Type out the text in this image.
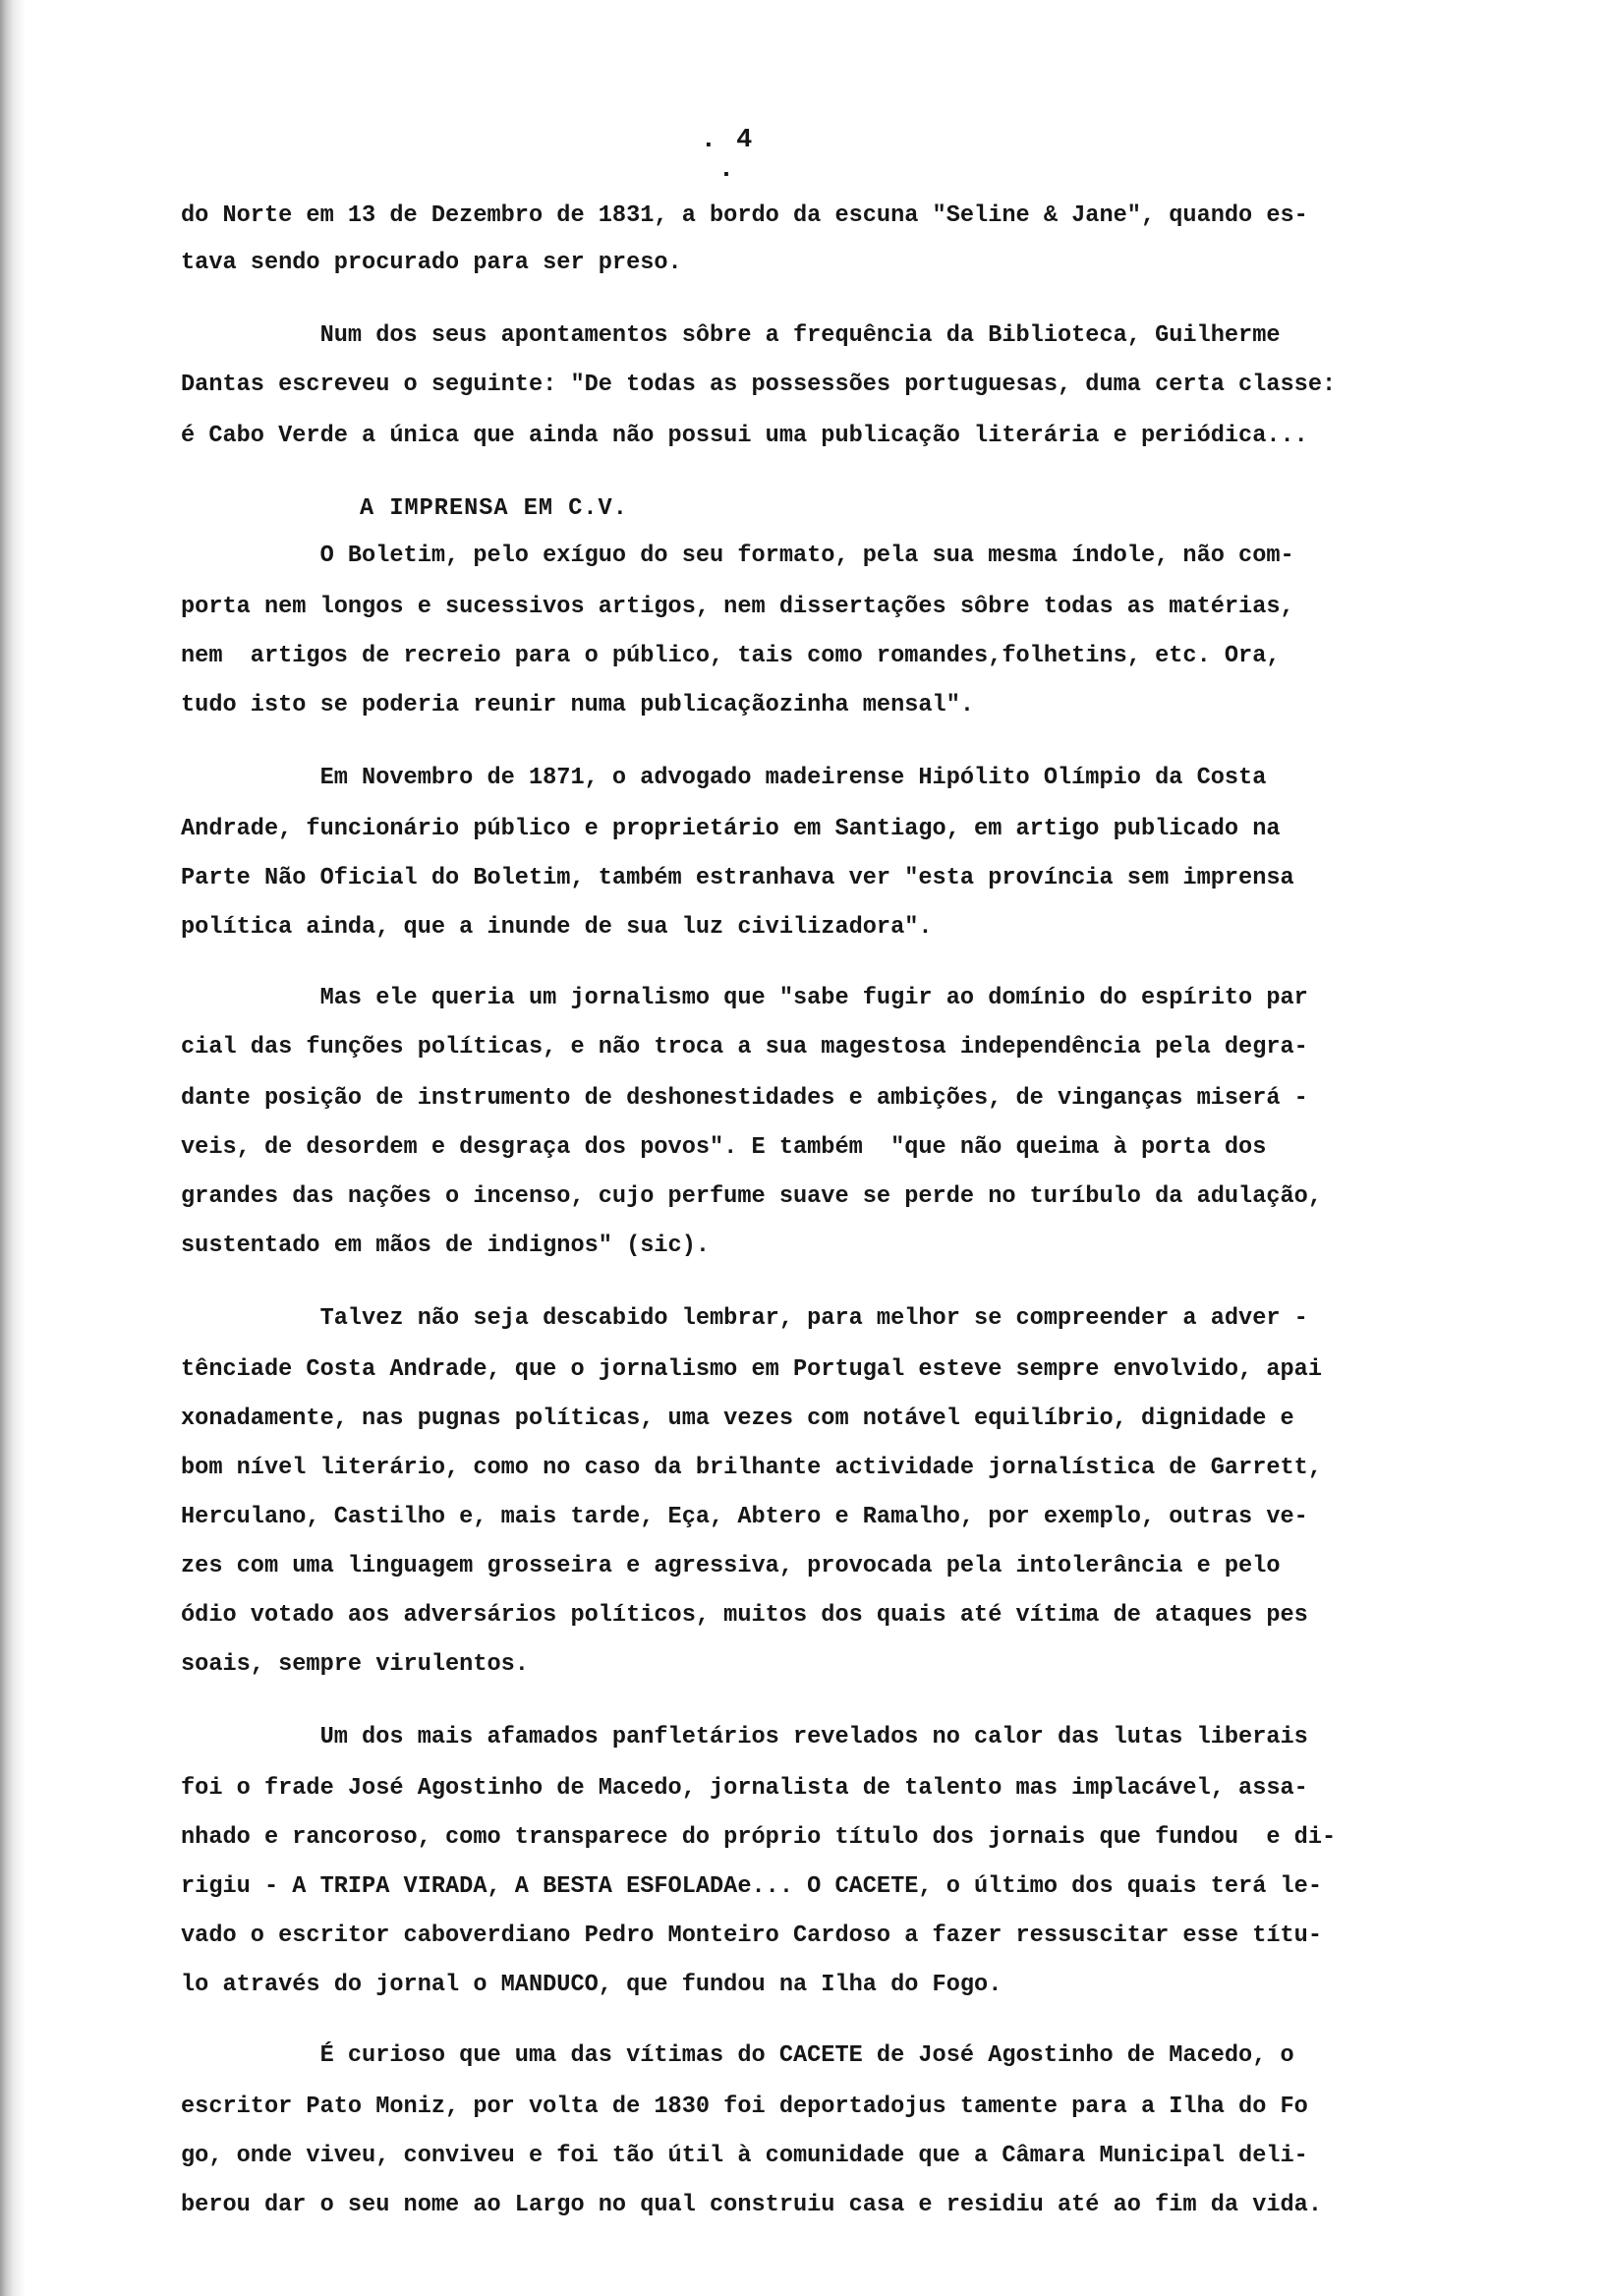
. 4 .
A IMPRENSA EM C.V.
do Norte em 13 de Dezembro de 1831, a bordo da escuna "Seline & Jane", quando es-
tava sendo procurado para ser preso.
Num dos seus apontamentos sôbre a frequência da Biblioteca, Guilherme
Dantas escreveu o seguinte: "De todas as possessões portuguesas, duma certa classe:
é Cabo Verde a única que ainda não possui uma publicação literária e periódica...
O Boletim, pelo exíguo do seu formato, pela sua mesma índole, não com-
porta nem longos e sucessivos artigos, nem dissertações sôbre todas as matérias,
nem  artigos de recreio para o público, tais como romandes,folhetins, etc. Ora,
tudo isto se poderia reunir numa publicaçãozinha mensal".
Em Novembro de 1871, o advogado madeirense Hipólito Olímpio da Costa
Andrade, funcionário público e proprietário em Santiago, em artigo publicado na
Parte Não Oficial do Boletim, também estranhava ver "esta província sem imprensa
política ainda, que a inunde de sua luz civilizadora".
Mas ele queria um jornalismo que "sabe fugir ao domínio do espírito par
cial das funções políticas, e não troca a sua magestosa independência pela degra-
dante posição de instrumento de deshonestidades e ambições, de vinganças miserá -
veis, de desordem e desgraça dos povos". E também  "que não queima à porta dos
grandes das nações o incenso, cujo perfume suave se perde no turíbulo da adulação,
sustentado em mãos de indignos" (sic).
Talvez não seja descabido lembrar, para melhor se compreender a adver -
tênciade Costa Andrade, que o jornalismo em Portugal esteve sempre envolvido, apai
xonadamente, nas pugnas políticas, uma vezes com notável equilíbrio, dignidade e
bom nível literário, como no caso da brilhante actividade jornalística de Garrett,
Herculano, Castilho e, mais tarde, Eça, Abtero e Ramalho, por exemplo, outras ve-
zes com uma linguagem grosseira e agressiva, provocada pela intolerância e pelo
ódio votado aos adversários políticos, muitos dos quais até vítima de ataques pes
soais, sempre virulentos.
Um dos mais afamados panfletários revelados no calor das lutas liberais
foi o frade José Agostinho de Macedo, jornalista de talento mas implacável, assa-
nhado e rancoroso, como transparece do próprio título dos jornais que fundou  e di-
rigiu - A TRIPA VIRADA, A BESTA ESFOLADAe... O CACETE, o último dos quais terá le-
vado o escritor caboverdiano Pedro Monteiro Cardoso a fazer ressuscitar esse títu-
lo através do jornal o MANDUCO, que fundou na Ilha do Fogo.
É curioso que uma das vítimas do CACETE de José Agostinho de Macedo, o
escritor Pato Moniz, por volta de 1830 foi deportadojus tamente para a Ilha do Fo
go, onde viveu, conviveu e foi tão útil à comunidade que a Câmara Municipal deli-
berou dar o seu nome ao Largo no qual construiu casa e residiu até ao fim da vida.
